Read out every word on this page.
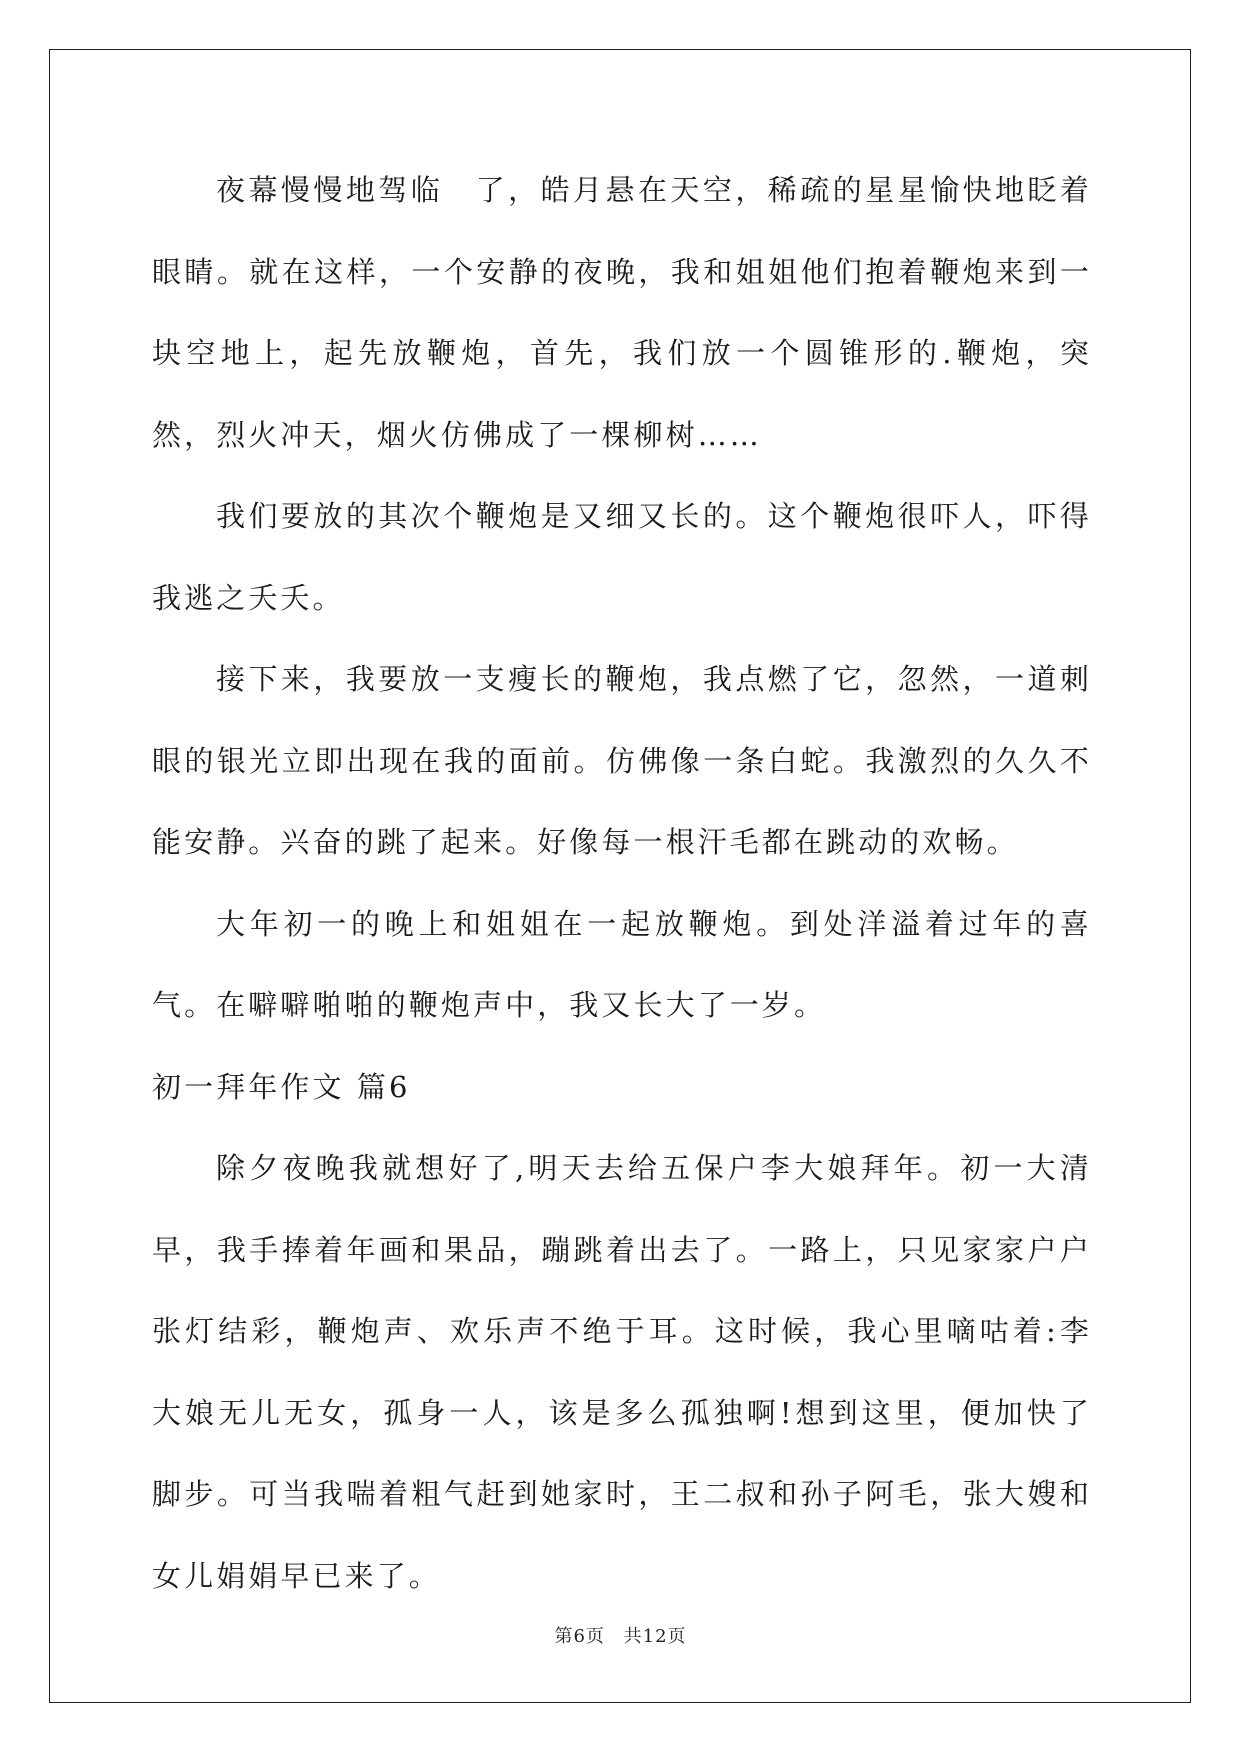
夜幕慢慢地驾临　了，皓月悬在天空，稀疏的星星愉快地眨着眼睛。就在这样，一个安静的夜晚，我和姐姐他们抱着鞭炮来到一块空地上，起先放鞭炮，首先，我们放一个圆锥形的.鞭炮，突然，烈火冲天，烟火仿佛成了一棵柳树……

我们要放的其次个鞭炮是又细又长的。这个鞭炮很吓人，吓得我逃之夭夭。

接下来，我要放一支瘦长的鞭炮，我点燃了它，忽然，一道刺眼的银光立即出现在我的面前。仿佛像一条白蛇。我激烈的久久不能安静。兴奋的跳了起来。好像每一根汗毛都在跳动的欢畅。

大年初一的晚上和姐姐在一起放鞭炮。到处洋溢着过年的喜气。在噼噼啪啪的鞭炮声中，我又长大了一岁。

初一拜年作文 篇6

除夕夜晚我就想好了,明天去给五保户李大娘拜年。初一大清早，我手捧着年画和果品，蹦跳着出去了。一路上，只见家家户户张灯结彩，鞭炮声、欢乐声不绝于耳。这时候，我心里嘀咕着:李大娘无儿无女，孤身一人，该是多么孤独啊!想到这里，便加快了脚步。可当我喘着粗气赶到她家时，王二叔和孙子阿毛，张大嫂和女儿娟娟早已来了。

第6页 共12页
